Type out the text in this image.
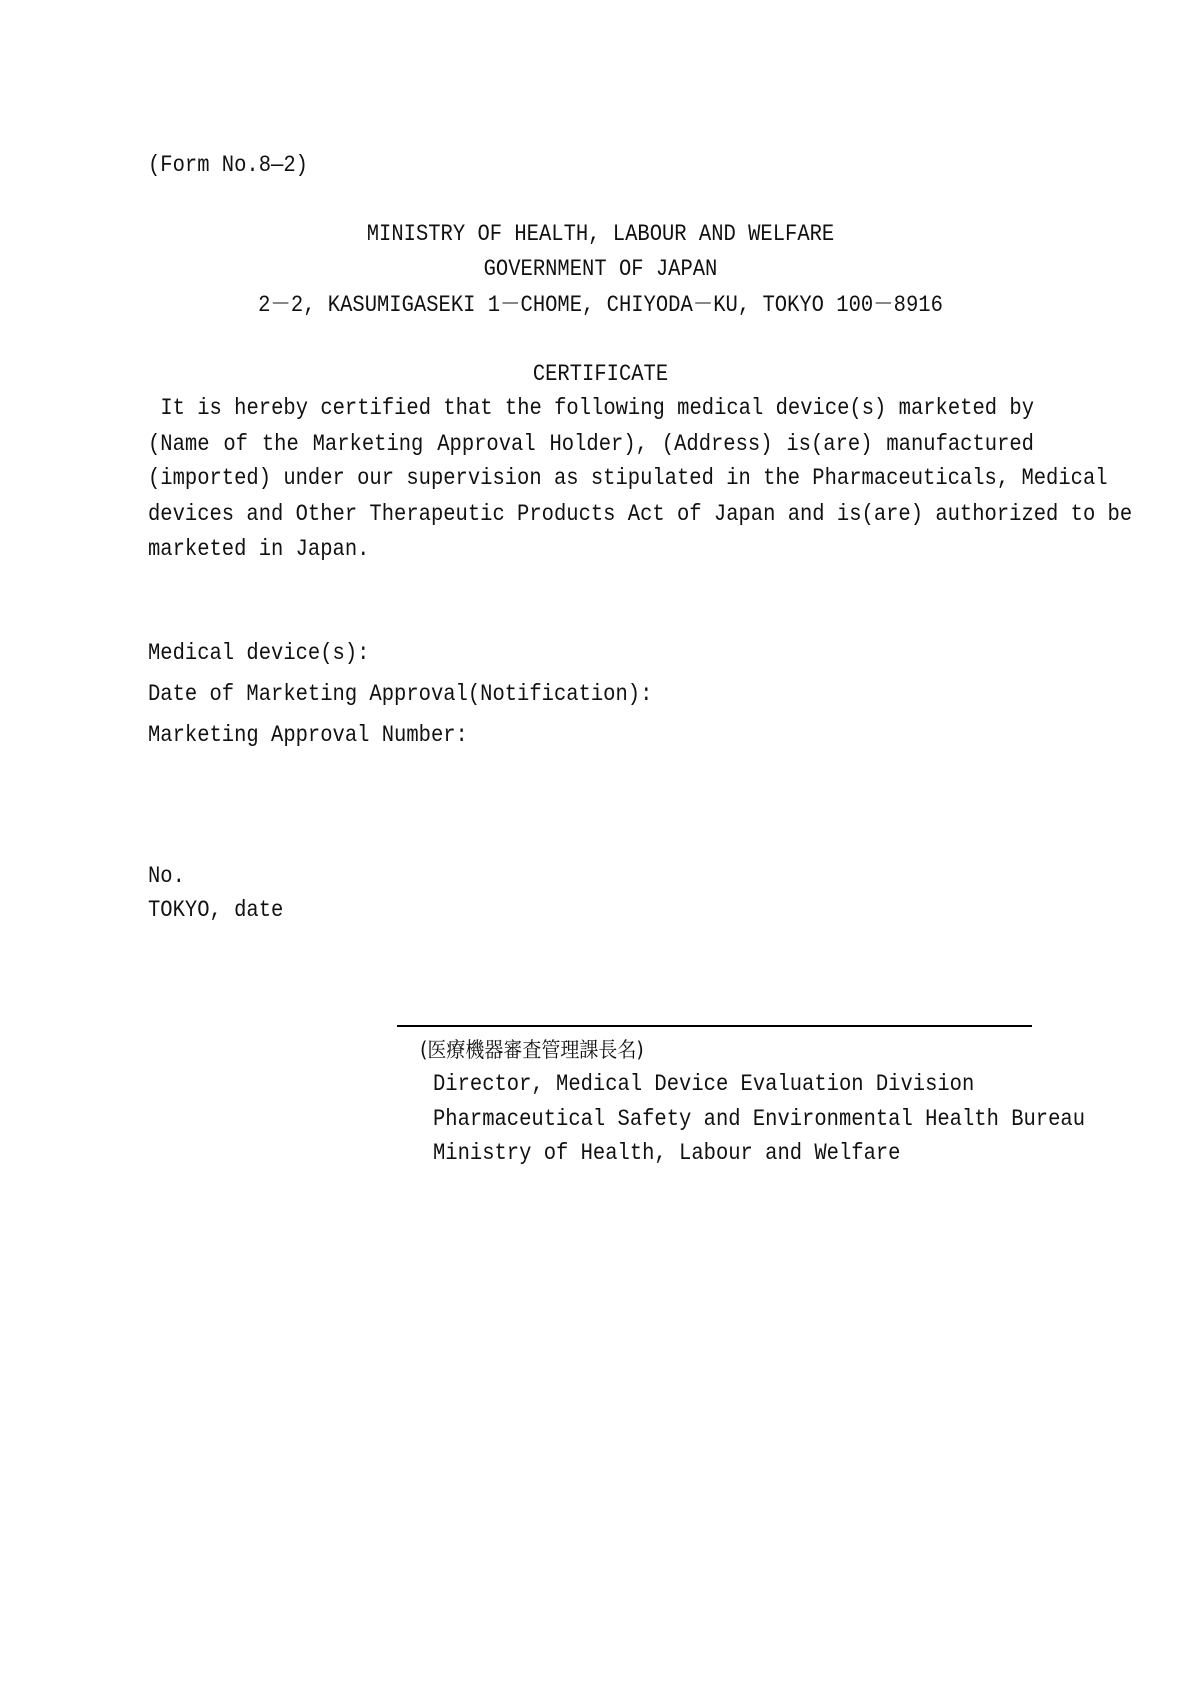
(Form No.8—2)
MINISTRY OF HEALTH, LABOUR AND WELFARE
GOVERNMENT OF JAPAN
2－2, KASUMIGASEKI 1－CHOME, CHIYODA－KU, TOKYO 100－8916
CERTIFICATE
It is hereby certified that the following medical device(s) marketed by
(Name of the Marketing Approval Holder), (Address) is(are) manufactured
(imported) under our supervision as stipulated in the Pharmaceuticals, Medical
devices and Other Therapeutic Products Act of Japan and is(are) authorized to be
marketed in Japan.
Medical device(s):
Date of Marketing Approval(Notification):
Marketing Approval Number:
No.
TOKYO, date
(医療機器審査管理課長名)
Director, Medical Device Evaluation Division
Pharmaceutical Safety and Environmental Health Bureau
Ministry of Health, Labour and Welfare
